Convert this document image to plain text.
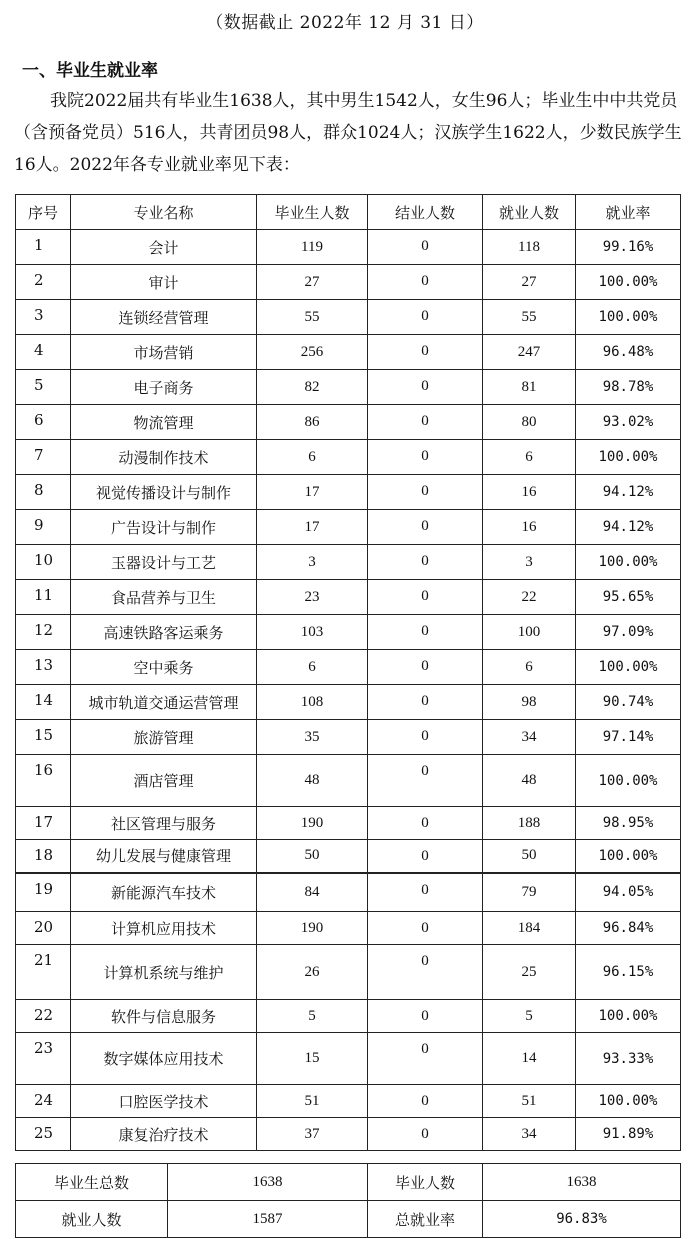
（数据截止 2022年 12 月 31 日）
一、毕业生就业率

我院2022届共有毕业生1638人，其中男生1542人，女生96人；毕业生中中共党员（含预备党员）516人，共青团员98人，群众1024人；汉族学生1622人，少数民族学生16人。2022年各专业就业率见下表：

序号	专业名称	毕业生人数	结业人数	就业人数	就业率
1	会计	119	0	118	99.16%
2	审计	27	0	27	100.00%
3	连锁经营管理	55	0	55	100.00%
4	市场营销	256	0	247	96.48%
5	电子商务	82	0	81	98.78%
6	物流管理	86	0	80	93.02%
7	动漫制作技术	6	0	6	100.00%
8	视觉传播设计与制作	17	0	16	94.12%
9	广告设计与制作	17	0	16	94.12%
10	玉器设计与工艺	3	0	3	100.00%
11	食品营养与卫生	23	0	22	95.65%
12	高速铁路客运乘务	103	0	100	97.09%
13	空中乘务	6	0	6	100.00%
14	城市轨道交通运营管理	108	0	98	90.74%
15	旅游管理	35	0	34	97.14%
16	酒店管理	48	0	48	100.00%
17	社区管理与服务	190	0	188	98.95%
18	幼儿发展与健康管理	50	0	50	100.00%
19	新能源汽车技术	84	0	79	94.05%
20	计算机应用技术	190	0	184	96.84%
21	计算机系统与维护	26	0	25	96.15%
22	软件与信息服务	5	0	5	100.00%
23	数字媒体应用技术	15	0	14	93.33%
24	口腔医学技术	51	0	51	100.00%
25	康复治疗技术	37	0	34	91.89%
毕业生总数	1638	毕业人数	1638
就业人数	1587	总就业率	96.83%
